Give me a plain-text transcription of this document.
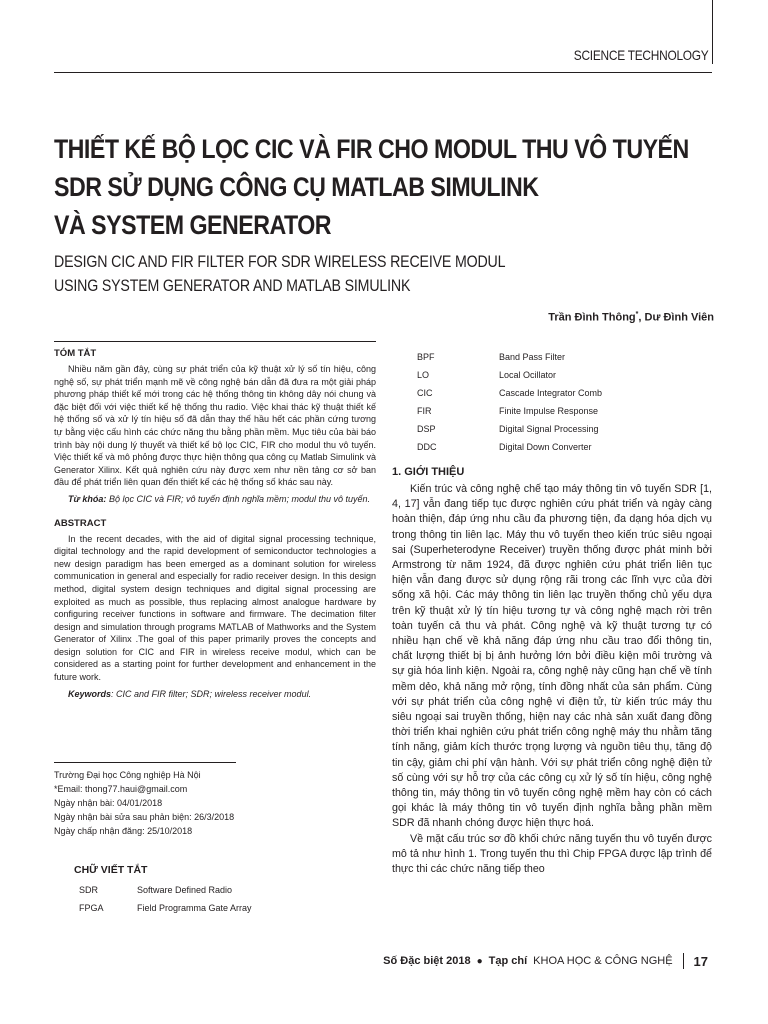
SCIENCE TECHNOLOGY
THIẾT KẾ BỘ LỌC CIC VÀ FIR CHO MODUL THU VÔ TUYẾN
SDR SỬ DỤNG CÔNG CỤ MATLAB SIMULINK
VÀ SYSTEM GENERATOR
DESIGN CIC AND FIR FILTER FOR SDR WIRELESS RECEIVE MODUL
USING SYSTEM GENERATOR AND MATLAB SIMULINK
Trần Đình Thông*, Dư Đình Viên

TÓM TẮT

Nhiều năm gần đây, cùng sự phát triển của kỹ thuật xử lý số tín hiệu, công nghệ số, sự phát triển mạnh mẽ về công nghệ bán dẫn đã đưa ra một giải pháp phương pháp thiết kế mới trong các hệ thống thông tin không dây nói chung và đặc biệt đối với việc thiết kế hệ thống thu radio. Việc khai thác kỹ thuật thiết kế hệ thống số và xử lý tín hiệu số đã dẫn thay thế hầu hết các phần cứng tương tự bằng việc cấu hình các chức năng thu bằng phần mềm. Mục tiêu của bài báo trình bày nội dung lý thuyết và thiết kế bộ lọc CIC, FIR cho modul thu vô tuyến. Việc thiết kế và mô phỏng được thực hiện thông qua công cụ Matlab Simulink và Generator Xilinx. Kết quả nghiên cứu này được xem như nền tảng cơ sở ban đầu để phát triển liên quan đến thiết kế các hệ thống số khác sau này.

Từ khóa: Bộ lọc CIC và FIR; vô tuyến định nghĩa mềm; modul thu vô tuyến.

ABSTRACT

In the recent decades, with the aid of digital signal processing technique, digital technology and the rapid development of semiconductor technologies a new design paradigm has been emerged as a dominant solution for wireless communication in general and especially for radio receiver design. In this design method, digital system design techniques and digital signal processing are exploited as much as possible, thus replacing almost analogue hardware by configuring receiver functions in software and firmware. The decimation filter design and simulation through programs MATLAB of Mathworks and the System Generator of Xilinx .The goal of this paper primarily proves the concepts and design solution for CIC and FIR in wireless receive modul, which can be considered as a starting point for further development and enhancement in the future work.

Keywords: CIC and FIR filter; SDR; wireless receiver modul.

Trường Đại học Công nghiệp Hà Nội
*Email: thong77.haui@gmail.com
Ngày nhận bài: 04/01/2018
Ngày nhận bài sửa sau phản biện: 26/3/2018
Ngày chấp nhận đăng: 25/10/2018
CHỮ VIẾT TẮT
SDR	Software Defined Radio
FPGA	Field Programma Gate Array
BPF	Band Pass Filter
LO	Local Ocillator
CIC	Cascade Integrator Comb
FIR	Finite Impulse Response
DSP	Digital Signal Processing
DDC	Digital Down Converter

1. GIỚI THIỆU

Kiến trúc và công nghệ chế tạo máy thông tin vô tuyến SDR [1, 4, 17] vẫn đang tiếp tục được nghiên cứu phát triển và ngày càng hoàn thiện, đáp ứng nhu cầu đa phương tiện, đa dạng hóa dịch vụ trong thông tin liên lạc. Máy thu vô tuyến theo kiến trúc siêu ngoại sai (Superheterodyne Receiver) truyền thống được phát minh bởi Armstrong từ năm 1924, đã được nghiên cứu phát triển liên tục hiện vẫn đang được sử dụng rộng rãi trong các lĩnh vực của đời sống xã hội. Các máy thông tin liên lạc truyền thống chủ yếu dựa trên kỹ thuật xử lý tín hiệu tương tự và công nghệ mạch rời trên toàn tuyến cả thu và phát. Công nghệ và kỹ thuật tương tự có nhiều hạn chế về khả năng đáp ứng nhu cầu trao đổi thông tin, chất lượng thiết bị bị ảnh hưởng lớn bởi điều kiện môi trường và sự già hóa linh kiện. Ngoài ra, công nghệ này cũng hạn chế về tính mềm dẻo, khả năng mở rộng, tính đồng nhất của sản phẩm. Cùng với sự phát triển của công nghệ vi điện tử, từ kiến trúc máy thu siêu ngoại sai truyền thống, hiện nay các nhà sản xuất đang đồng thời triển khai nghiên cứu phát triển công nghệ máy thu nhằm tăng tính năng, giảm kích thước trọng lượng và nguồn tiêu thụ, tăng độ tin cậy, giảm chi phí vận hành. Với sự phát triển công nghệ điện tử số cùng với sự hỗ trợ của các công cụ xử lý số tín hiệu, công nghệ thông tin, máy thông tin vô tuyến công nghệ mềm hay còn có cách gọi khác là máy thông tin vô tuyến định nghĩa bằng phần mềm SDR đã nhanh chóng được hiện thực hoá.

Về mặt cấu trúc sơ đồ khối chức năng tuyến thu vô tuyến được mô tả như hình 1. Trong tuyến thu thì Chip FPGA được lập trình để thực thi các chức năng tiếp theo

Số Đặc biệt 2018 ● Tạp chí KHOA HỌC & CÔNG NGHỆ 17
